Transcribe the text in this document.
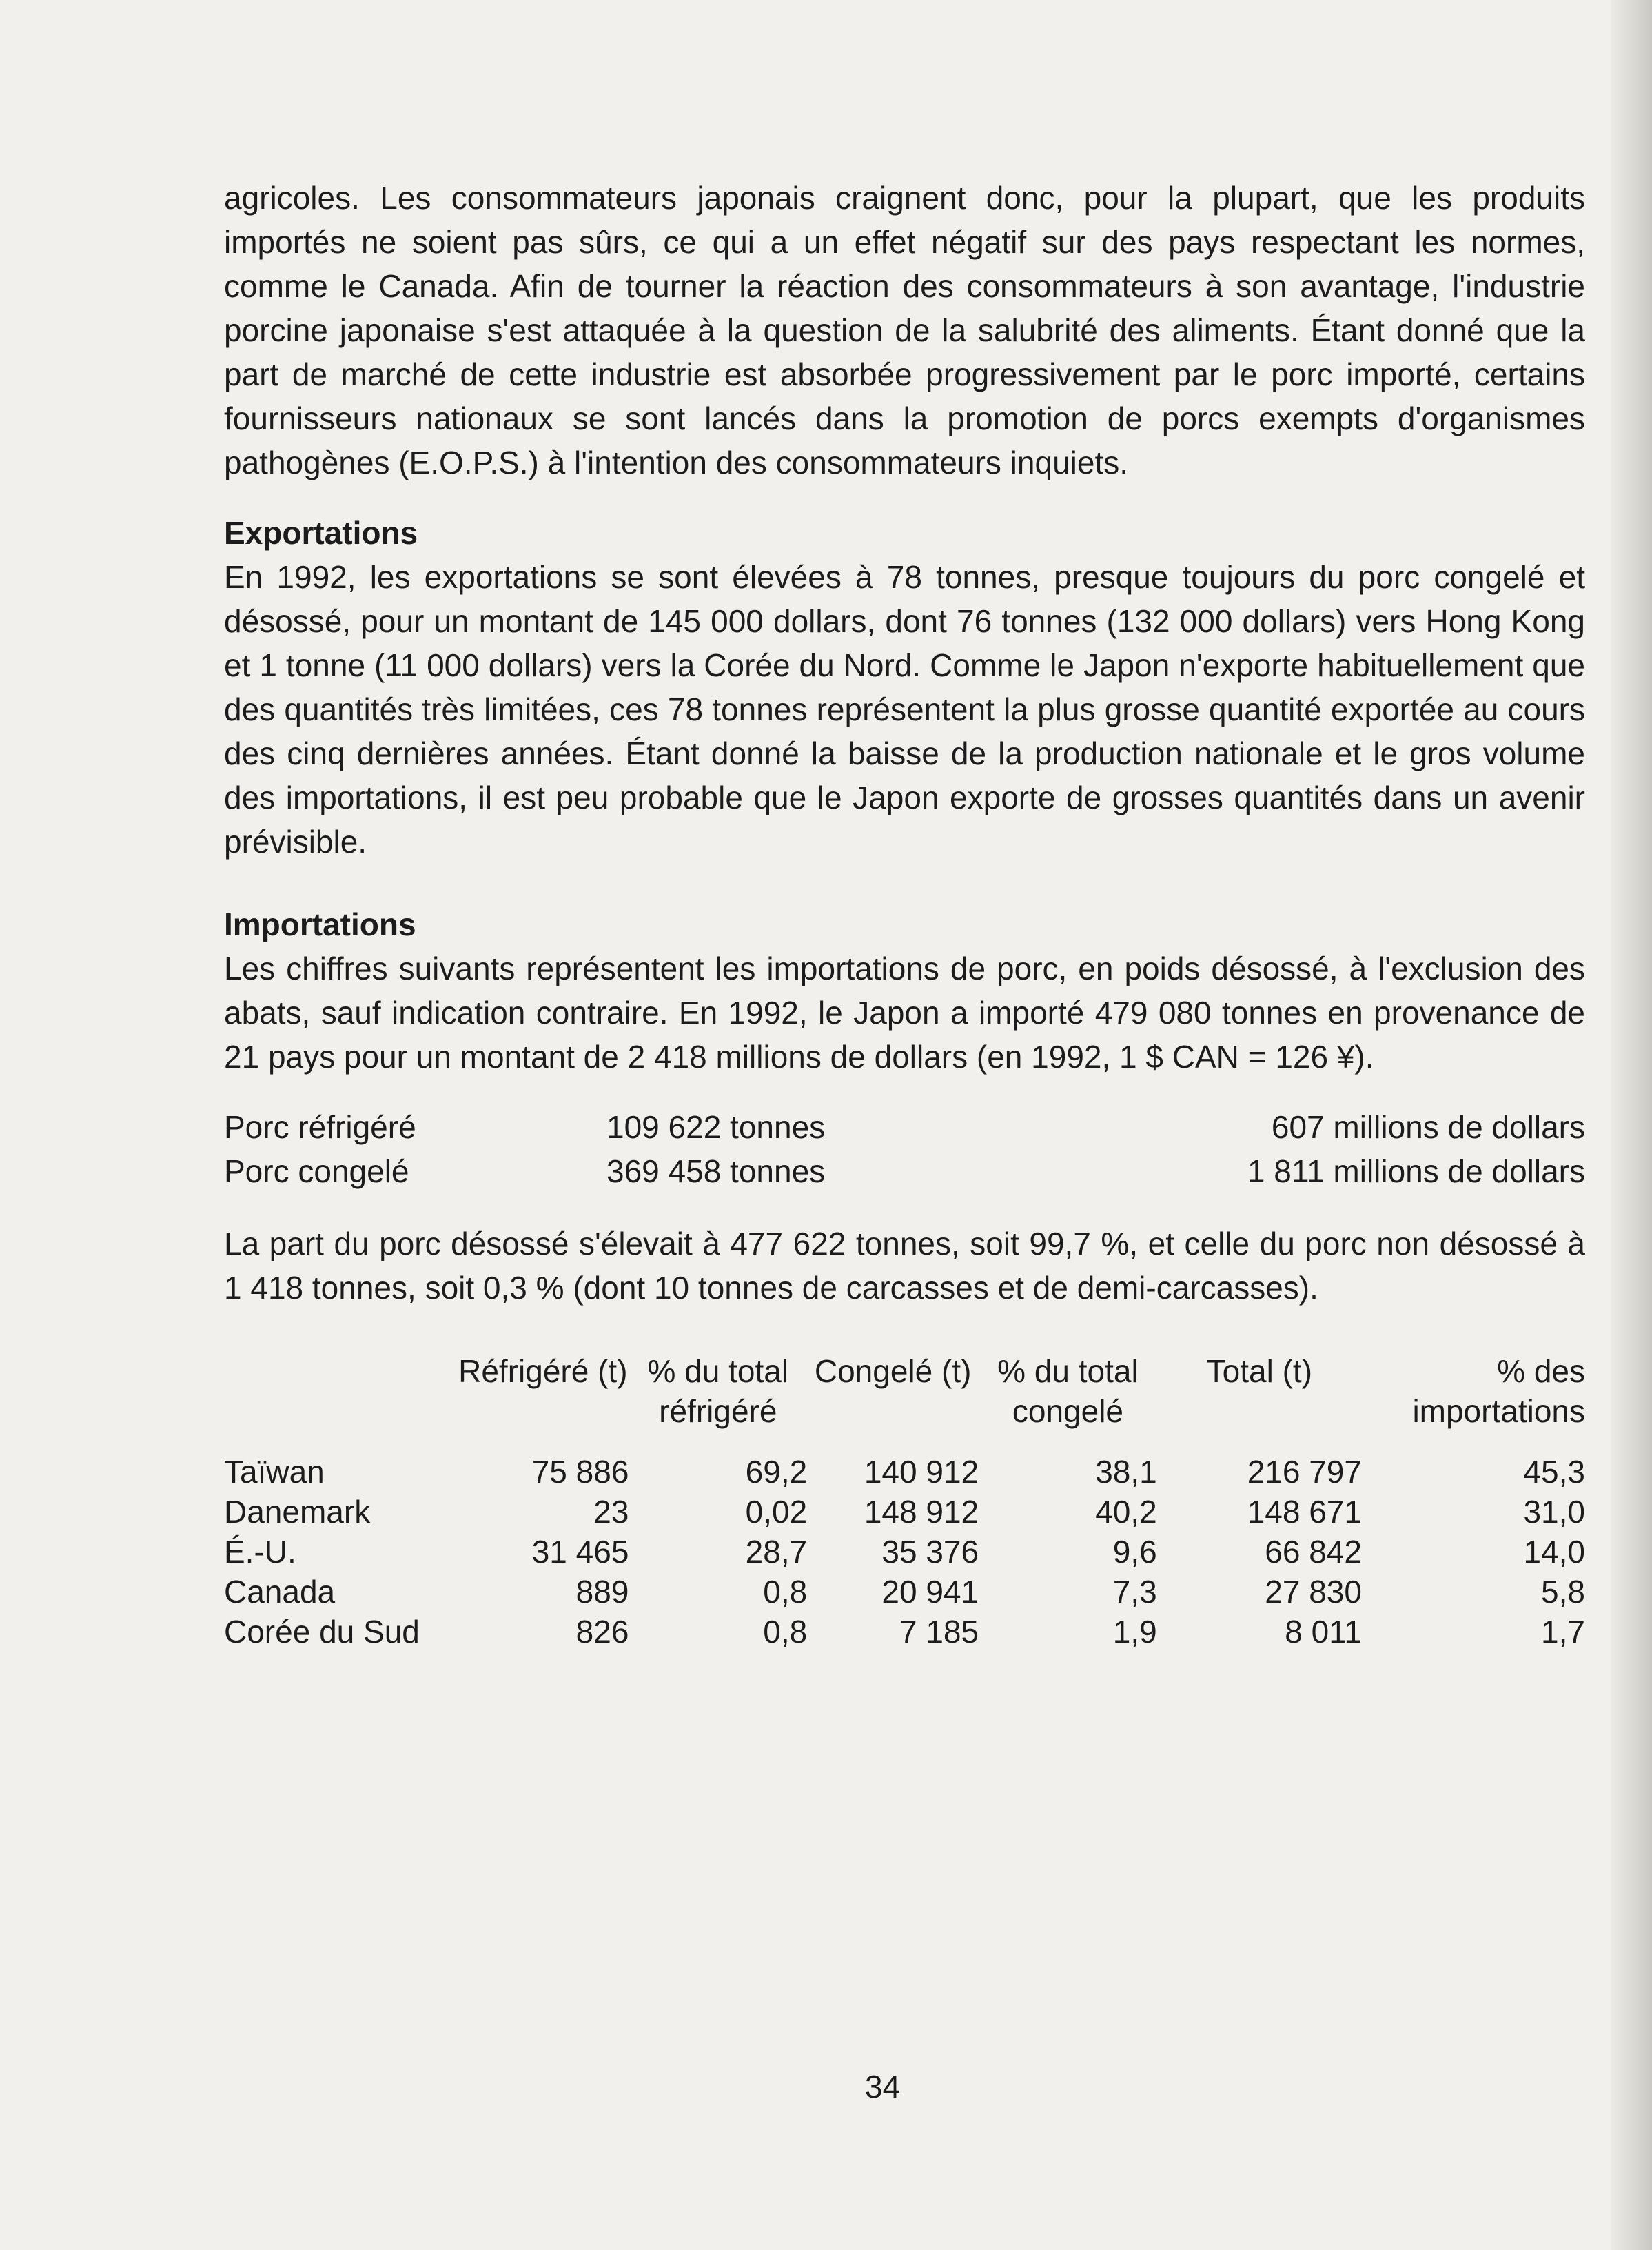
agricoles. Les consommateurs japonais craignent donc, pour la plupart, que les produits importés ne soient pas sûrs, ce qui a un effet négatif sur des pays respectant les normes, comme le Canada. Afin de tourner la réaction des consommateurs à son avantage, l'industrie porcine japonaise s'est attaquée à la question de la salubrité des aliments. Étant donné que la part de marché de cette industrie est absorbée progressivement par le porc importé, certains fournisseurs nationaux se sont lancés dans la promotion de porcs exempts d'organismes pathogènes (E.O.P.S.) à l'intention des consommateurs inquiets.

Exportations

En 1992, les exportations se sont élevées à 78 tonnes, presque toujours du porc congelé et désossé, pour un montant de 145 000 dollars, dont 76 tonnes (132 000 dollars) vers Hong Kong et 1 tonne (11 000 dollars) vers la Corée du Nord. Comme le Japon n'exporte habituellement que des quantités très limitées, ces 78 tonnes représentent la plus grosse quantité exportée au cours des cinq dernières années. Étant donné la baisse de la production nationale et le gros volume des importations, il est peu probable que le Japon exporte de grosses quantités dans un avenir prévisible.

Importations

Les chiffres suivants représentent les importations de porc, en poids désossé, à l'exclusion des abats, sauf indication contraire. En 1992, le Japon a importé 479 080 tonnes en provenance de 21 pays pour un montant de 2 418 millions de dollars (en 1992, 1 $ CAN = 126 ¥).

Porc réfrigéré	109 622 tonnes	607 millions de dollars
Porc congelé	369 458 tonnes	1 811 millions de dollars

La part du porc désossé s'élevait à 477 622 tonnes, soit 99,7 %, et celle du porc non désossé à 1 418 tonnes, soit 0,3 % (dont 10 tonnes de carcasses et de demi-carcasses).

	Réfrigéré (t)	% du total réfrigéré	Congelé (t)	% du total congelé	Total (t)	% des importations
Taïwan	75 886	69,2	140 912	38,1	216 797	45,3
Danemark	23	0,02	148 912	40,2	148 671	31,0
É.-U.	31 465	28,7	35 376	9,6	66 842	14,0
Canada	889	0,8	20 941	7,3	27 830	5,8
Corée du Sud	826	0,8	7 185	1,9	8 011	1,7
34
